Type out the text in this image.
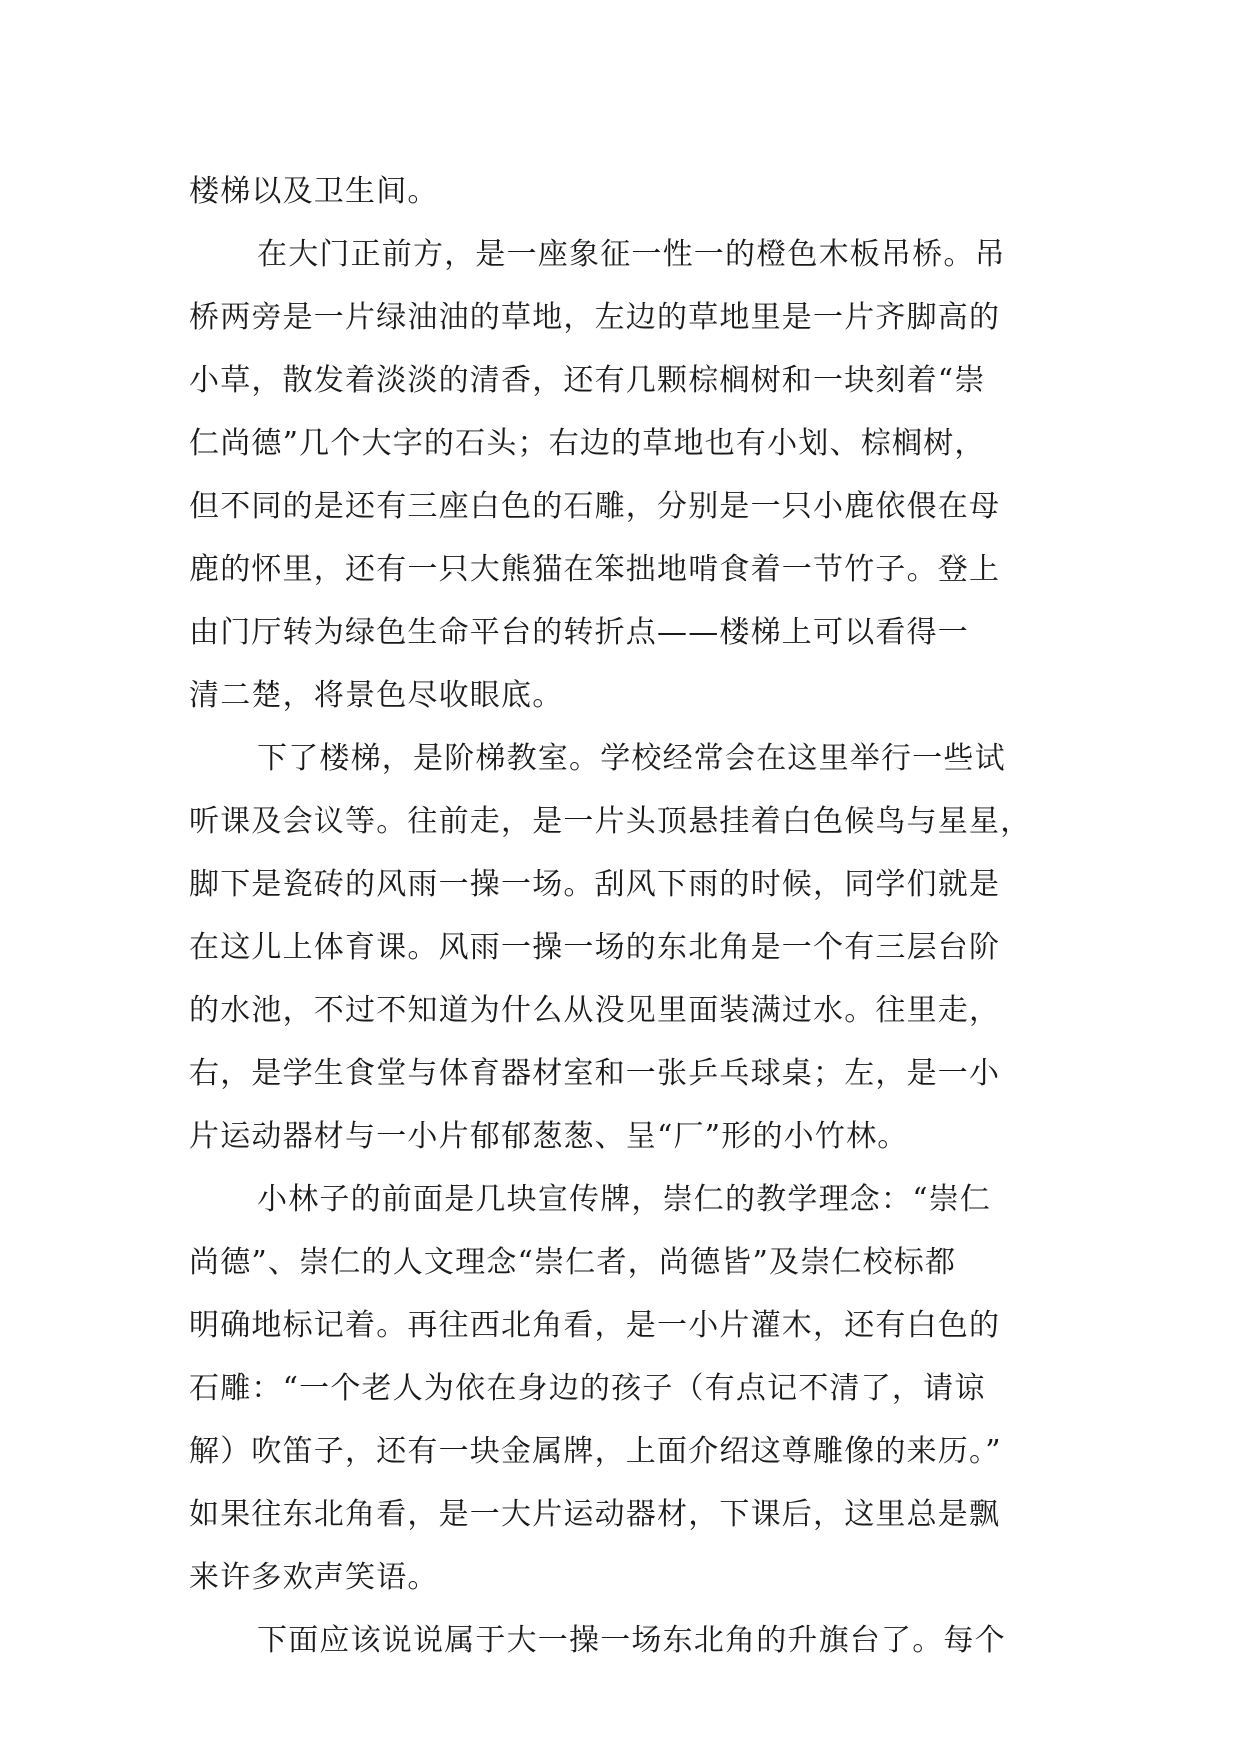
楼梯以及卫生间。
在大门正前方，是一座象征一性一的橙色木板吊桥。吊
桥两旁是一片绿油油的草地，左边的草地里是一片齐脚高的
小草，散发着淡淡的清香，还有几颗棕榈树和一块刻着“崇
仁尚德”几个大字的石头；右边的草地也有小划、棕榈树，
但不同的是还有三座白色的石雕，分别是一只小鹿依偎在母
鹿的怀里，还有一只大熊猫在笨拙地啃食着一节竹子。登上
由门厅转为绿色生命平台的转折点——楼梯上可以看得一
清二楚，将景色尽收眼底。
下了楼梯，是阶梯教室。学校经常会在这里举行一些试
听课及会议等。往前走，是一片头顶悬挂着白色候鸟与星星，
脚下是瓷砖的风雨一操一场。刮风下雨的时候，同学们就是
在这儿上体育课。风雨一操一场的东北角是一个有三层台阶
的水池，不过不知道为什么从没见里面装满过水。往里走，
右，是学生食堂与体育器材室和一张乒乓球桌；左，是一小
片运动器材与一小片郁郁葱葱、呈“厂”形的小竹林。
小林子的前面是几块宣传牌，崇仁的教学理念：“崇仁
尚德”、崇仁的人文理念“崇仁者，尚德皆”及崇仁校标都
明确地标记着。再往西北角看，是一小片灌木，还有白色的
石雕：“一个老人为依在身边的孩子（有点记不清了，请谅
解）吹笛子，还有一块金属牌，上面介绍这尊雕像的来历。”
如果往东北角看，是一大片运动器材，下课后，这里总是飘
来许多欢声笑语。
下面应该说说属于大一操一场东北角的升旗台了。每个
